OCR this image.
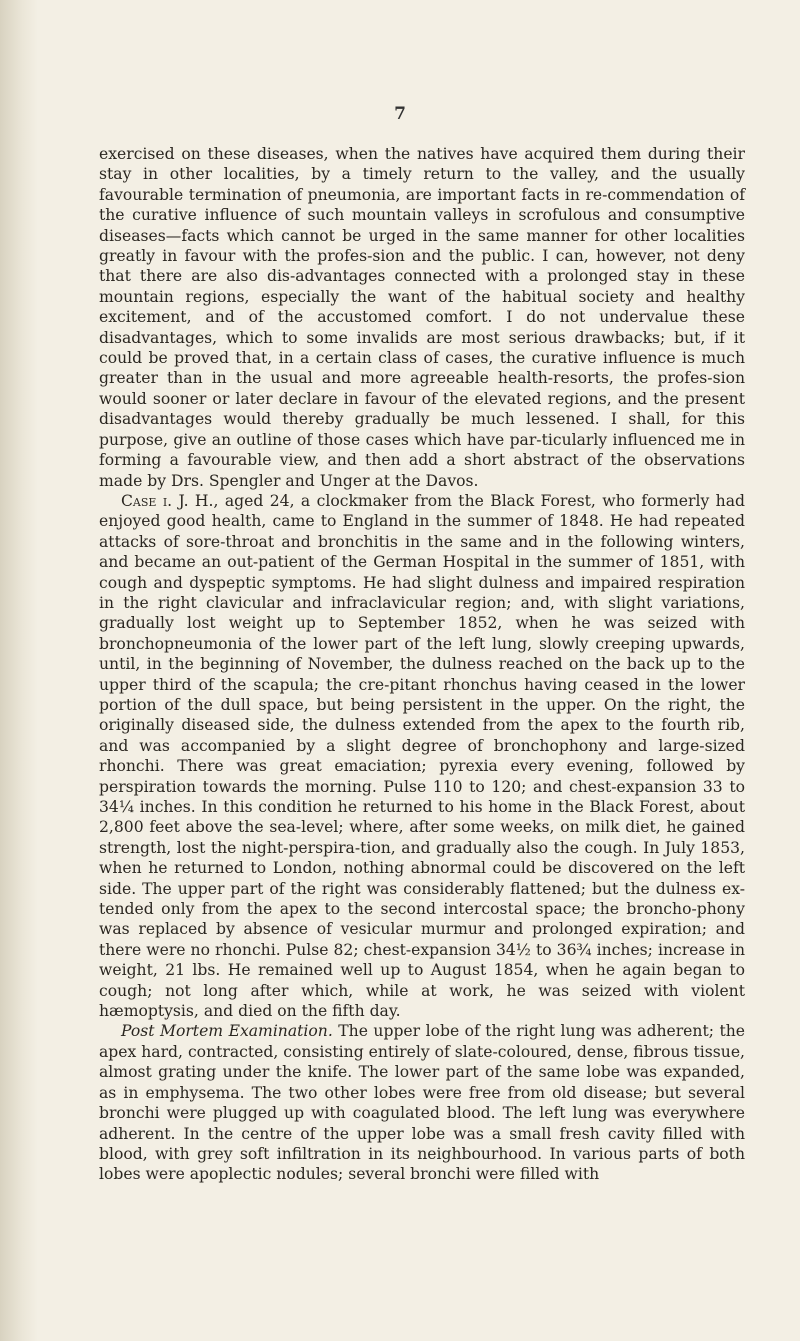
7

exercised on these diseases, when the natives have acquired them during their stay in other localities, by a timely return to the valley, and the usually favourable termination of pneumonia, are important facts in re-commendation of the curative influence of such mountain valleys in scrofulous and consumptive diseases—facts which cannot be urged in the same manner for other localities greatly in favour with the profes-sion and the public. I can, however, not deny that there are also dis-advantages connected with a prolonged stay in these mountain regions, especially the want of the habitual society and healthy excitement, and of the accustomed comfort. I do not undervalue these disadvantages, which to some invalids are most serious drawbacks; but, if it could be proved that, in a certain class of cases, the curative influence is much greater than in the usual and more agreeable health-resorts, the profes-sion would sooner or later declare in favour of the elevated regions, and the present disadvantages would thereby gradually be much lessened. I shall, for this purpose, give an outline of those cases which have par-ticularly influenced me in forming a favourable view, and then add a short abstract of the observations made by Drs. Spengler and Unger at the Davos.

Case i. J. H., aged 24, a clockmaker from the Black Forest, who formerly had enjoyed good health, came to England in the summer of 1848. He had repeated attacks of sore-throat and bronchitis in the same and in the following winters, and became an out-patient of the German Hospital in the summer of 1851, with cough and dyspeptic symptoms. He had slight dulness and impaired respiration in the right clavicular and infraclavicular region; and, with slight variations, gradually lost weight up to September 1852, when he was seized with bronchopneumonia of the lower part of the left lung, slowly creeping upwards, until, in the beginning of November, the dulness reached on the back up to the upper third of the scapula; the cre-pitant rhonchus having ceased in the lower portion of the dull space, but being persistent in the upper. On the right, the originally diseased side, the dulness extended from the apex to the fourth rib, and was accompanied by a slight degree of bronchophony and large-sized rhonchi. There was great emaciation; pyrexia every evening, followed by perspiration towards the morning. Pulse 110 to 120; and chest-expansion 33 to 34¼ inches. In this condition he returned to his home in the Black Forest, about 2,800 feet above the sea-level; where, after some weeks, on milk diet, he gained strength, lost the night-perspira-tion, and gradually also the cough. In July 1853, when he returned to London, nothing abnormal could be discovered on the left side. The upper part of the right was considerably flattened; but the dulness ex-tended only from the apex to the second intercostal space; the broncho-phony was replaced by absence of vesicular murmur and prolonged expiration; and there were no rhonchi. Pulse 82; chest-expansion 34½ to 36¾ inches; increase in weight, 21 lbs. He remained well up to August 1854, when he again began to cough; not long after which, while at work, he was seized with violent hæmoptysis, and died on the fifth day.

Post Mortem Examination. The upper lobe of the right lung was adherent; the apex hard, contracted, consisting entirely of slate-coloured, dense, fibrous tissue, almost grating under the knife. The lower part of the same lobe was expanded, as in emphysema. The two other lobes were free from old disease; but several bronchi were plugged up with coagulated blood. The left lung was everywhere adherent. In the centre of the upper lobe was a small fresh cavity filled with blood, with grey soft infiltration in its neighbourhood. In various parts of both lobes were apoplectic nodules; several bronchi were filled with
